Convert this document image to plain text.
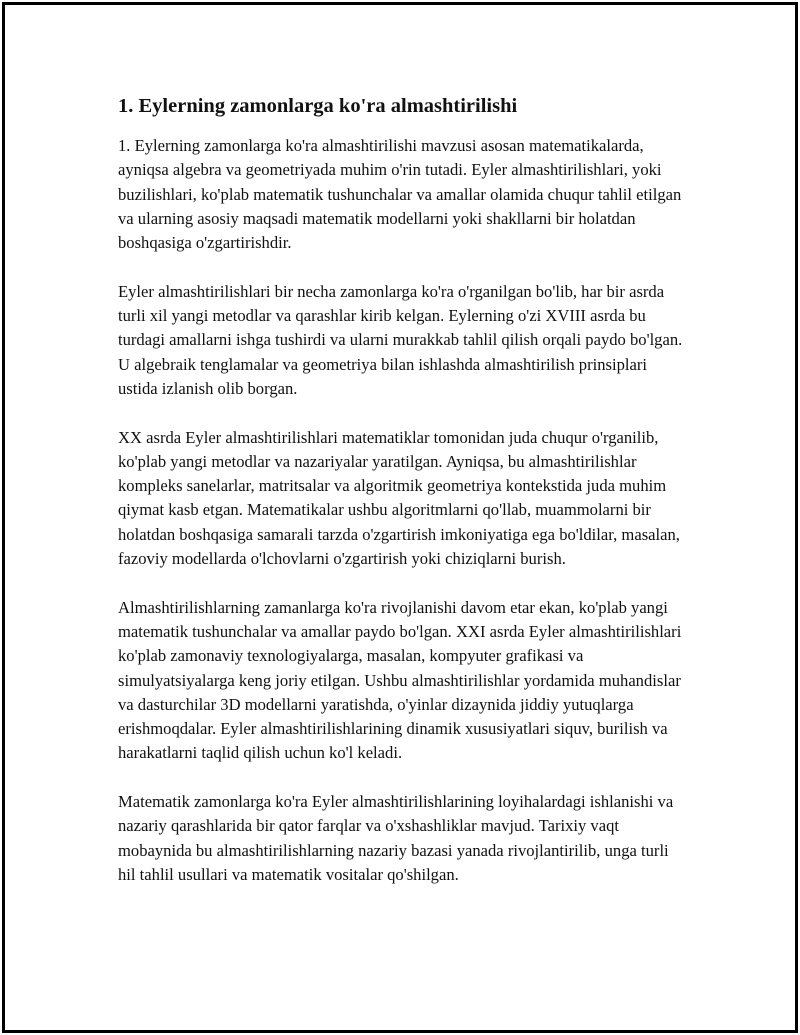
1. Eylerning zamonlarga ko'ra almashtirilishi

1. Eylerning zamonlarga ko'ra almashtirilishi mavzusi asosan matematikalarda, ayniqsa algebra va geometriyada muhim o'rin tutadi. Eyler almashtirilishlari, yoki buzilishlari, ko'plab matematik tushunchalar va amallar olamida chuqur tahlil etilgan va ularning asosiy maqsadi matematik modellarni yoki shakllarni bir holatdan boshqasiga o'zgartirishdir.

Eyler almashtirilishlari bir necha zamonlarga ko'ra o'rganilgan bo'lib, har bir asrda turli xil yangi metodlar va qarashlar kirib kelgan. Eylerning o'zi XVIII asrda bu turdagi amallarni ishga tushirdi va ularni murakkab tahlil qilish orqali paydo bo'lgan. U algebraik tenglamalar va geometriya bilan ishlashda almashtirilish prinsiplari ustida izlanish olib borgan.

XX asrda Eyler almashtirilishlari matematiklar tomonidan juda chuqur o'rganilib, ko'plab yangi metodlar va nazariyalar yaratilgan. Ayniqsa, bu almashtirilishlar kompleks sanelarlar, matritsalar va algoritmik geometriya kontekstida juda muhim qiymat kasb etgan. Matematikalar ushbu algoritmlarni qo'llab, muammolarni bir holatdan boshqasiga samarali tarzda o'zgartirish imkoniyatiga ega bo'ldilar, masalan, fazoviy modellarda o'lchovlarni o'zgartirish yoki chiziqlarni burish.

Almashtirilishlarning zamanlarga ko'ra rivojlanishi davom etar ekan, ko'plab yangi matematik tushunchalar va amallar paydo bo'lgan. XXI asrda Eyler almashtirilishlari ko'plab zamonaviy texnologiyalarga, masalan, kompyuter grafikasi va simulyatsiyalarga keng joriy etilgan. Ushbu almashtirilishlar yordamida muhandislar va dasturchilar 3D modellarni yaratishda, o'yinlar dizaynida jiddiy yutuqlarga erishmoqdalar. Eyler almashtirilishlarining dinamik xususiyatlari siquv, burilish va harakatlarni taqlid qilish uchun ko'l keladi.

Matematik zamonlarga ko'ra Eyler almashtirilishlarining loyihalardagi ishlanishi va nazariy qarashlarida bir qator farqlar va o'xshashliklar mavjud. Tarixiy vaqt mobaynida bu almashtirilishlarning nazariy bazasi yanada rivojlantirilib, unga turli hil tahlil usullari va matematik vositalar qo'shilgan.
